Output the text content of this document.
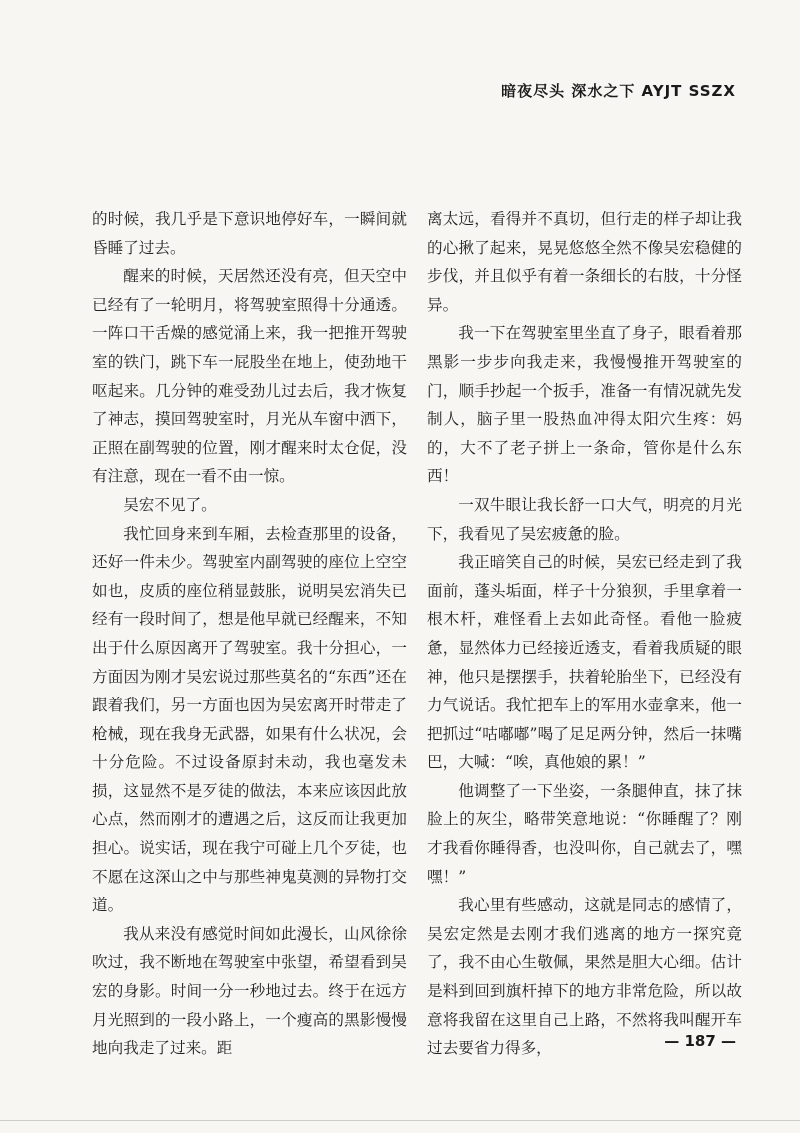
暗夜尽头 深水之下 AYJT SSZX

的时候，我几乎是下意识地停好车，一瞬间就昏睡了过去。

醒来的时候，天居然还没有亮，但天空中已经有了一轮明月，将驾驶室照得十分通透。一阵口干舌燥的感觉涌上来，我一把推开驾驶室的铁门，跳下车一屁股坐在地上，使劲地干呕起来。几分钟的难受劲儿过去后，我才恢复了神志，摸回驾驶室时，月光从车窗中洒下，正照在副驾驶的位置，刚才醒来时太仓促，没有注意，现在一看不由一惊。

吴宏不见了。

我忙回身来到车厢，去检查那里的设备，还好一件未少。驾驶室内副驾驶的座位上空空如也，皮质的座位稍显鼓胀，说明吴宏消失已经有一段时间了，想是他早就已经醒来，不知出于什么原因离开了驾驶室。我十分担心，一方面因为刚才吴宏说过那些莫名的“东西”还在跟着我们，另一方面也因为吴宏离开时带走了枪械，现在我身无武器，如果有什么状况，会十分危险。不过设备原封未动，我也毫发未损，这显然不是歹徒的做法，本来应该因此放心点，然而刚才的遭遇之后，这反而让我更加担心。说实话，现在我宁可碰上几个歹徒，也不愿在这深山之中与那些神鬼莫测的异物打交道。

我从来没有感觉时间如此漫长，山风徐徐吹过，我不断地在驾驶室中张望，希望看到吴宏的身影。时间一分一秒地过去。终于在远方月光照到的一段小路上，一个瘦高的黑影慢慢地向我走了过来。距

离太远，看得并不真切，但行走的样子却让我的心揪了起来，晃晃悠悠全然不像吴宏稳健的步伐，并且似乎有着一条细长的右肢，十分怪异。

我一下在驾驶室里坐直了身子，眼看着那黑影一步步向我走来，我慢慢推开驾驶室的门，顺手抄起一个扳手，准备一有情况就先发制人，脑子里一股热血冲得太阳穴生疼：妈的，大不了老子拼上一条命，管你是什么东西！

一双牛眼让我长舒一口大气，明亮的月光下，我看见了吴宏疲惫的脸。

我正暗笑自己的时候，吴宏已经走到了我面前，蓬头垢面，样子十分狼狈，手里拿着一根木杆，难怪看上去如此奇怪。看他一脸疲惫，显然体力已经接近透支，看着我质疑的眼神，他只是摆摆手，扶着轮胎坐下，已经没有力气说话。我忙把车上的军用水壶拿来，他一把抓过“咕嘟嘟”喝了足足两分钟，然后一抹嘴巴，大喊：“唉，真他娘的累！”

他调整了一下坐姿，一条腿伸直，抹了抹脸上的灰尘，略带笑意地说：“你睡醒了？刚才我看你睡得香，也没叫你，自己就去了，嘿嘿！”

我心里有些感动，这就是同志的感情了，吴宏定然是去刚才我们逃离的地方一探究竟了，我不由心生敬佩，果然是胆大心细。估计是料到回到旗杆掉下的地方非常危险，所以故意将我留在这里自己上路，不然将我叫醒开车过去要省力得多，	— 187 —
